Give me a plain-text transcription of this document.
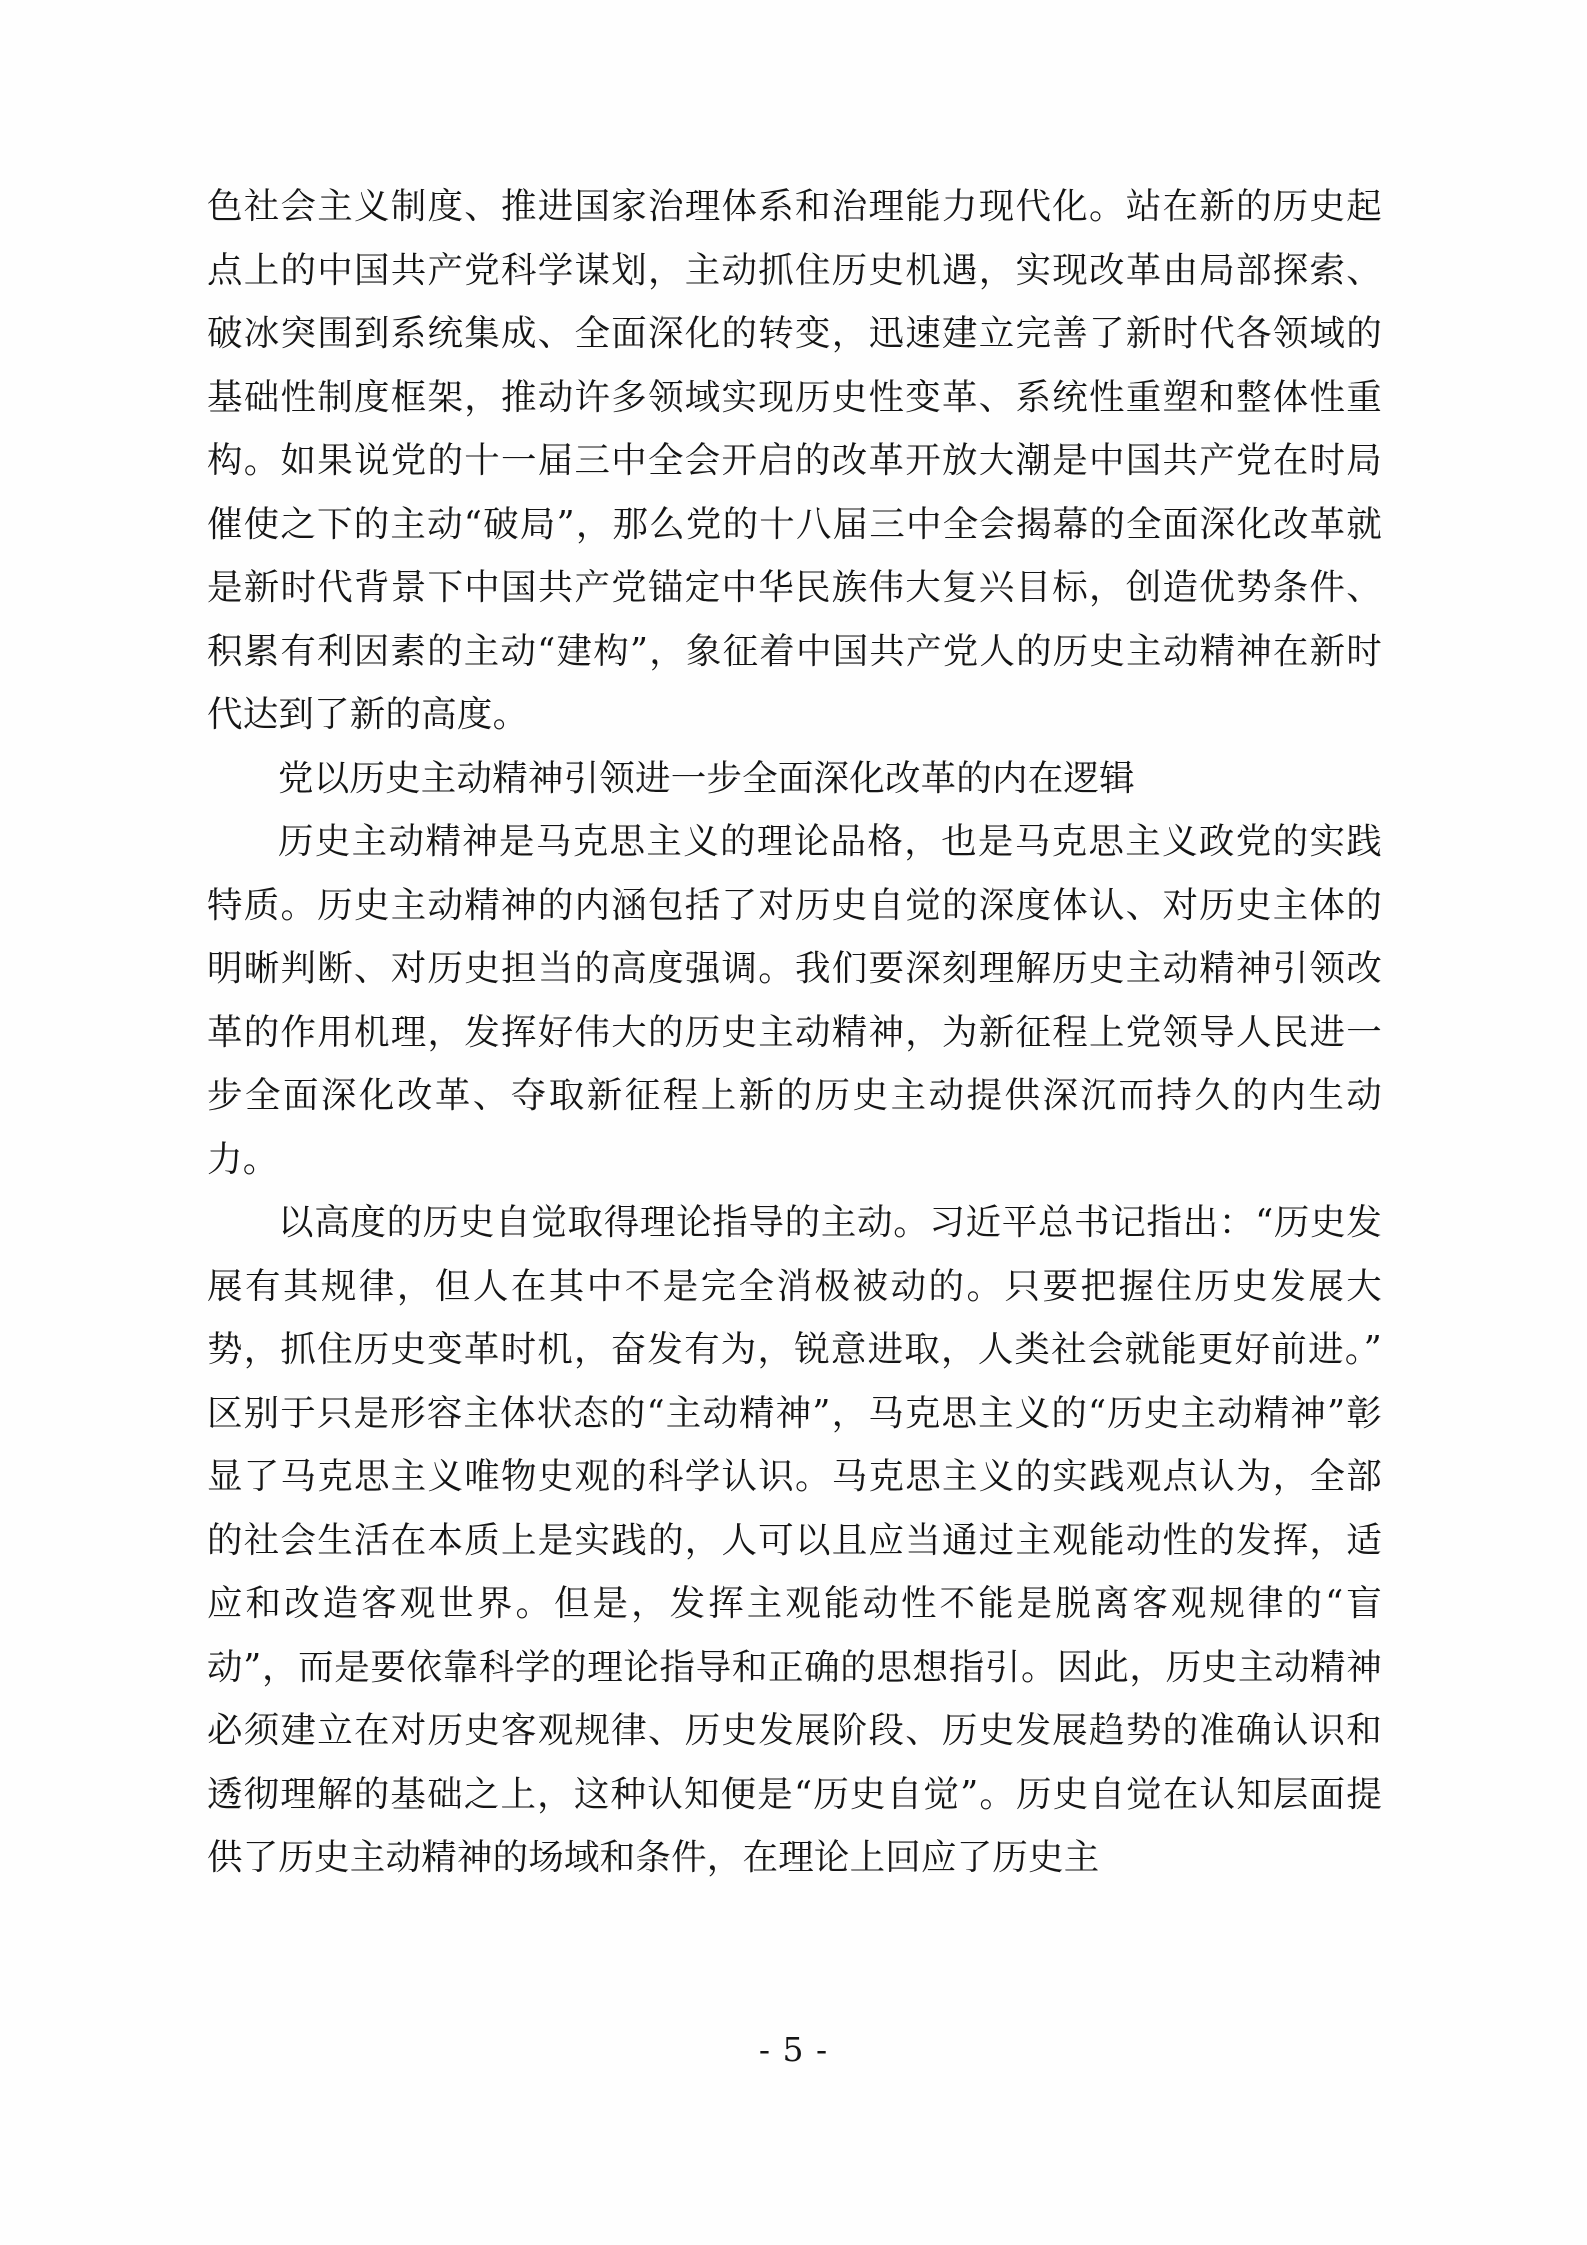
色社会主义制度、推进国家治理体系和治理能力现代化。站在新的历史起点上的中国共产党科学谋划，主动抓住历史机遇，实现改革由局部探索、破冰突围到系统集成、全面深化的转变，迅速建立完善了新时代各领域的基础性制度框架，推动许多领域实现历史性变革、系统性重塑和整体性重构。如果说党的十一届三中全会开启的改革开放大潮是中国共产党在时局催使之下的主动“破局”，那么党的十八届三中全会揭幕的全面深化改革就是新时代背景下中国共产党锚定中华民族伟大复兴目标，创造优势条件、积累有利因素的主动“建构”，象征着中国共产党人的历史主动精神在新时代达到了新的高度。

党以历史主动精神引领进一步全面深化改革的内在逻辑

历史主动精神是马克思主义的理论品格，也是马克思主义政党的实践特质。历史主动精神的内涵包括了对历史自觉的深度体认、对历史主体的明晰判断、对历史担当的高度强调。我们要深刻理解历史主动精神引领改革的作用机理，发挥好伟大的历史主动精神，为新征程上党领导人民进一步全面深化改革、夺取新征程上新的历史主动提供深沉而持久的内生动力。

以高度的历史自觉取得理论指导的主动。习近平总书记指出：“历史发展有其规律，但人在其中不是完全消极被动的。只要把握住历史发展大势，抓住历史变革时机，奋发有为，锐意进取，人类社会就能更好前进。”区别于只是形容主体状态的“主动精神”，马克思主义的“历史主动精神”彰显了马克思主义唯物史观的科学认识。马克思主义的实践观点认为，全部的社会生活在本质上是实践的，人可以且应当通过主观能动性的发挥，适应和改造客观世界。但是，发挥主观能动性不能是脱离客观规律的“盲动”，而是要依靠科学的理论指导和正确的思想指引。因此，历史主动精神必须建立在对历史客观规律、历史发展阶段、历史发展趋势的准确认识和透彻理解的基础之上，这种认知便是“历史自觉”。历史自觉在认知层面提供了历史主动精神的场域和条件，在理论上回应了历史主

- 5 -
